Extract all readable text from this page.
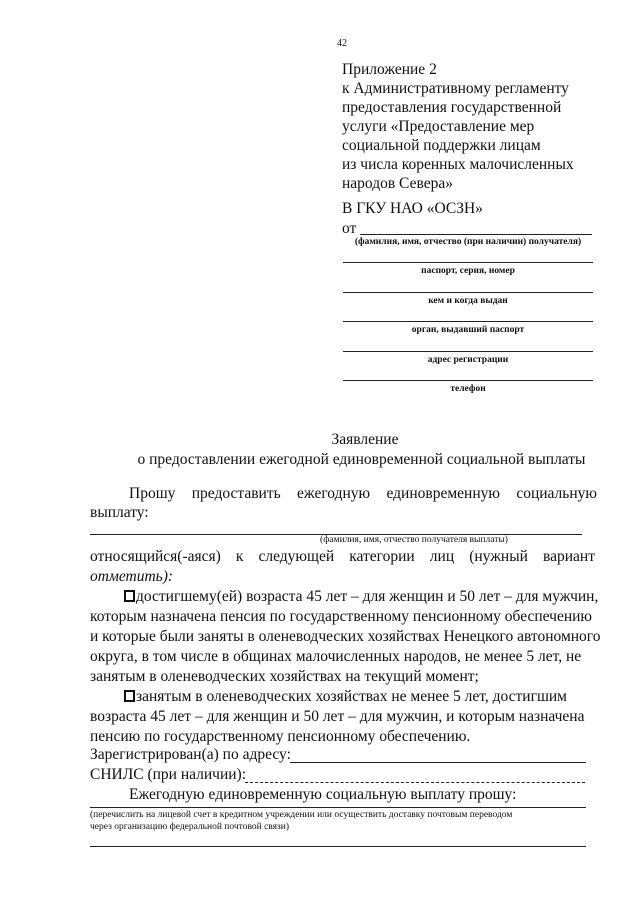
42
Приложение 2
к Административному регламенту
предоставления государственной
услуги «Предоставление мер
социальной поддержки лицам
из числа коренных малочисленных
народов Севера»
В ГКУ НАО «ОСЗН»
от
(фамилия, имя, отчество (при наличии) получателя)
паспорт, серия, номер
кем и когда выдан
орган, выдавший паспорт
адрес регистрации
телефон
Заявление
о предоставлении ежегодной единовременной социальной выплаты
Прошу предоставить ежегодную единовременную социальную
выплату:
(фамилия, имя, отчество получателя выплаты)
относящийся(-аяся) к следующей категории лиц (нужный вариант
отметить):
достигшему(ей) возраста 45 лет – для женщин и 50 лет – для мужчин,
которым назначена пенсия по государственному пенсионному обеспечению
и которые были заняты в оленеводческих хозяйствах Ненецкого автономного
округа, в том числе в общинах малочисленных народов, не менее 5 лет, не
занятым в оленеводческих хозяйствах на текущий момент;
занятым в оленеводческих хозяйствах не менее 5 лет, достигшим
возраста 45 лет – для женщин и 50 лет – для мужчин, и которым назначена
пенсию по государственному пенсионному обеспечению.
Зарегистрирован(а) по адресу:
СНИЛС (при наличии):
Ежегодную единовременную социальную выплату прошу:
(перечислить на лицевой счет в кредитном учреждении или осуществить доставку почтовым переводом
через организацию федеральной почтовой связи)
